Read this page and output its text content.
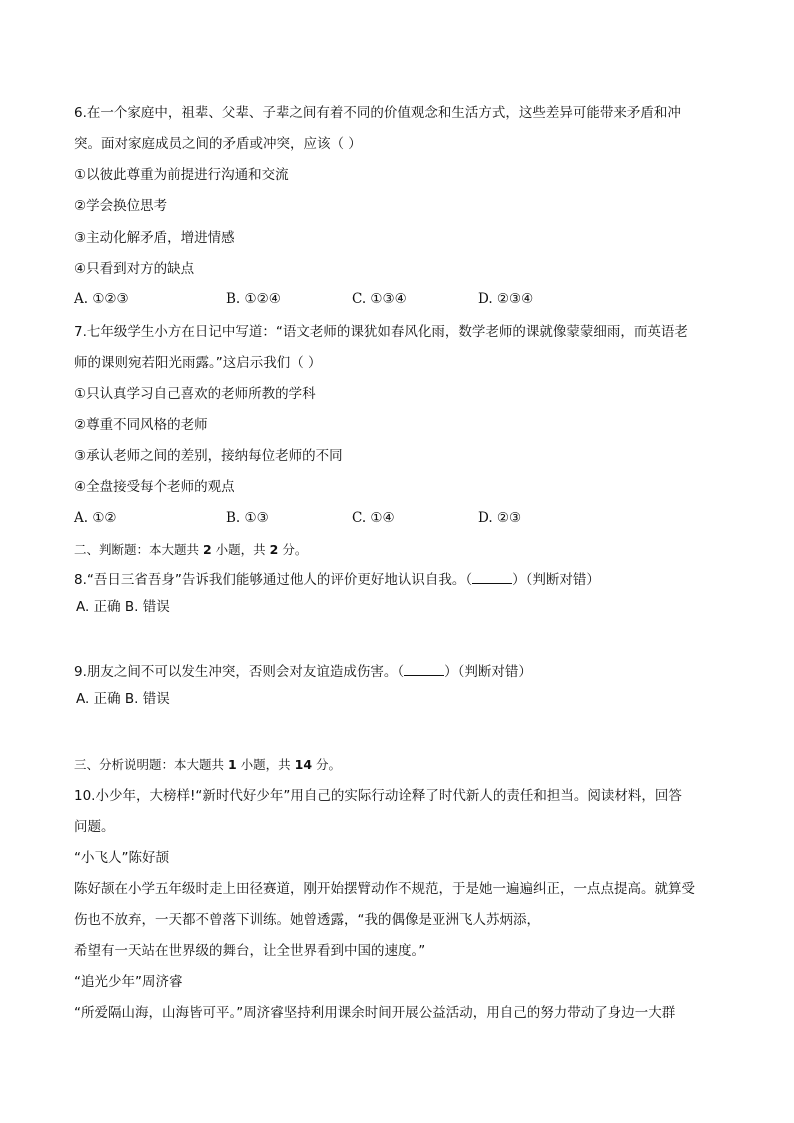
6.在一个家庭中，祖辈、父辈、子辈之间有着不同的价值观念和生活方式，这些差异可能带来矛盾和冲
突。面对家庭成员之间的矛盾或冲突，应该（ ）
①以彼此尊重为前提进行沟通和交流
②学会换位思考
③主动化解矛盾，增进情感
④只看到对方的缺点
A. ①②③	B. ①②④	C. ①③④	D. ②③④
7.七年级学生小方在日记中写道：“语文老师的课犹如春风化雨，数学老师的课就像蒙蒙细雨，而英语老
师的课则宛若阳光雨露。”这启示我们（ ）
①只认真学习自己喜欢的老师所教的学科
②尊重不同风格的老师
③承认老师之间的差别，接纳每位老师的不同
④全盘接受每个老师的观点
A. ①②	B. ①③	C. ①④	D. ②③
二、判断题：本大题共 2 小题，共 2 分。
8.“吾日三省吾身”告诉我们能够通过他人的评价更好地认识自我。（	）（判断对错）
A. 正确 B. 错误
9.朋友之间不可以发生冲突，否则会对友谊造成伤害。（	）（判断对错）
A. 正确 B. 错误
三、分析说明题：本大题共 1 小题，共 14 分。
10.小少年，大榜样!“新时代好少年”用自己的实际行动诠释了时代新人的责任和担当。阅读材料，回答
问题。
“小飞人”陈好颉
陈好颉在小学五年级时走上田径赛道，刚开始摆臂动作不规范，于是她一遍遍纠正，一点点提高。就算受
伤也不放弃，一天都不曾落下训练。她曾透露，“我的偶像是亚洲飞人苏炳添，
希望有一天站在世界级的舞台，让全世界看到中国的速度。”
“追光少年”周济睿
“所爱隔山海，山海皆可平。”周济睿坚持利用课余时间开展公益活动，用自己的努力带动了身边一大群
